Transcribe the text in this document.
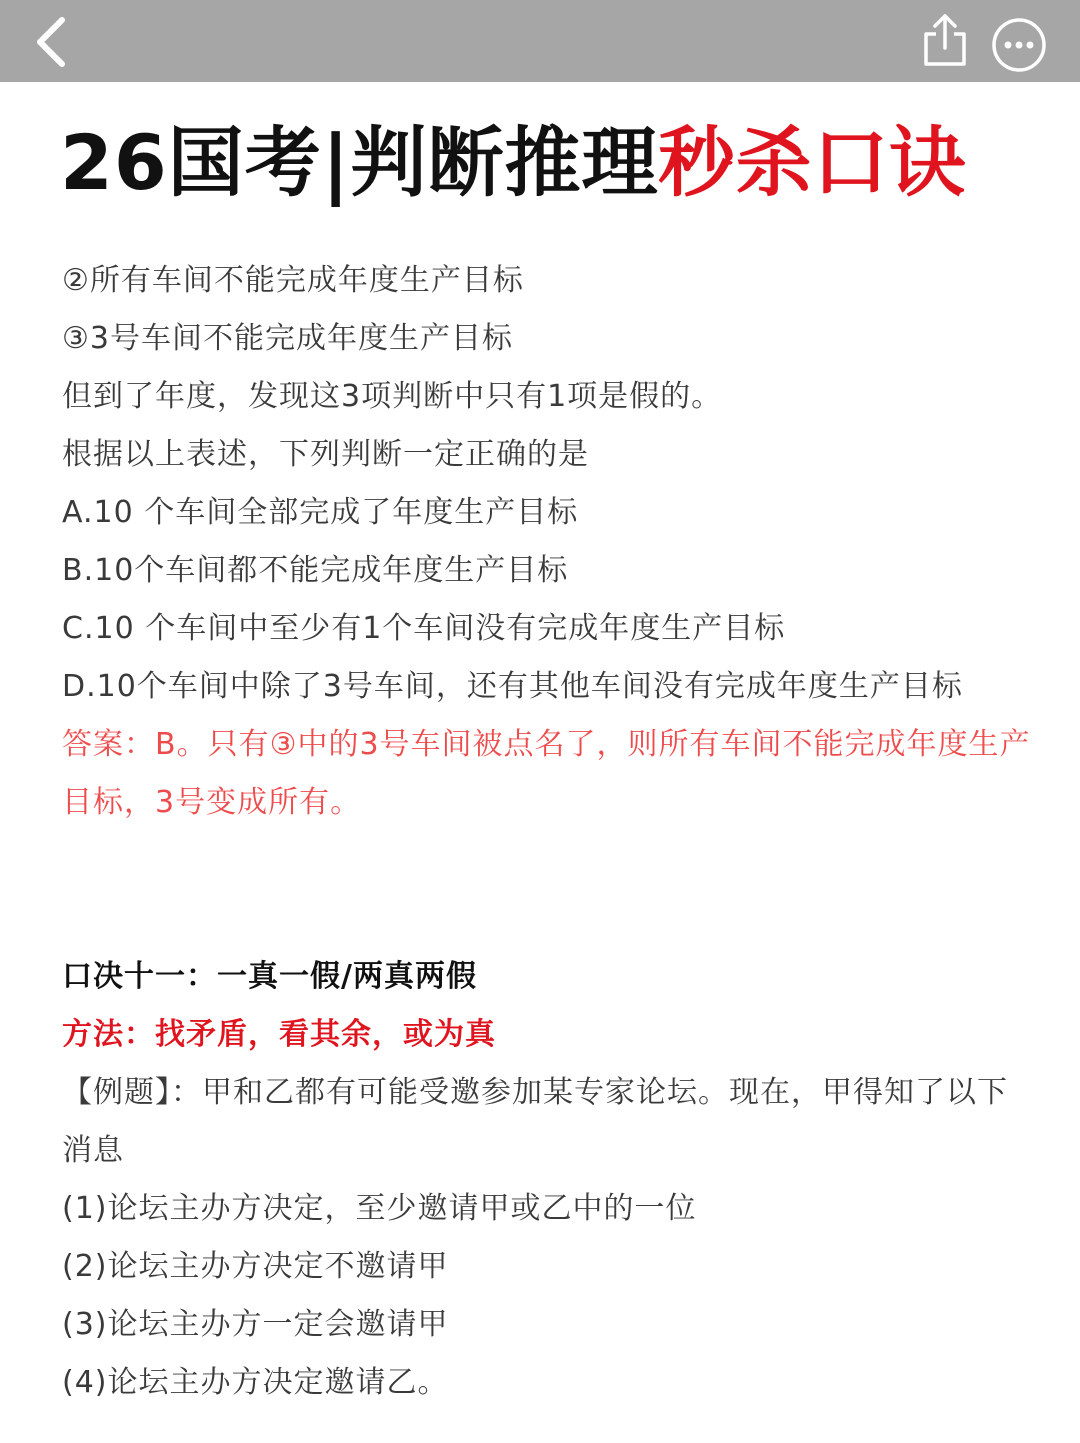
26国考|判断推理秒杀口诀
②所有车间不能完成年度生产目标
③3号车间不能完成年度生产目标
但到了年度，发现这3项判断中只有1项是假的。
根据以上表述，下列判断一定正确的是
A.10 个车间全部完成了年度生产目标
B.10个车间都不能完成年度生产目标
C.10 个车间中至少有1个车间没有完成年度生产目标
D.10个车间中除了3号车间，还有其他车间没有完成年度生产目标
答案：B。只有③中的3号车间被点名了，则所有车间不能完成年度生产目标，3号变成所有。
口决十一：一真一假/两真两假
方法：找矛盾，看其余，或为真
【例题】：甲和乙都有可能受邀参加某专家论坛。现在，甲得知了以下消息
(1)论坛主办方决定，至少邀请甲或乙中的一位
(2)论坛主办方决定不邀请甲
(3)论坛主办方一定会邀请甲
(4)论坛主办方决定邀请乙。
